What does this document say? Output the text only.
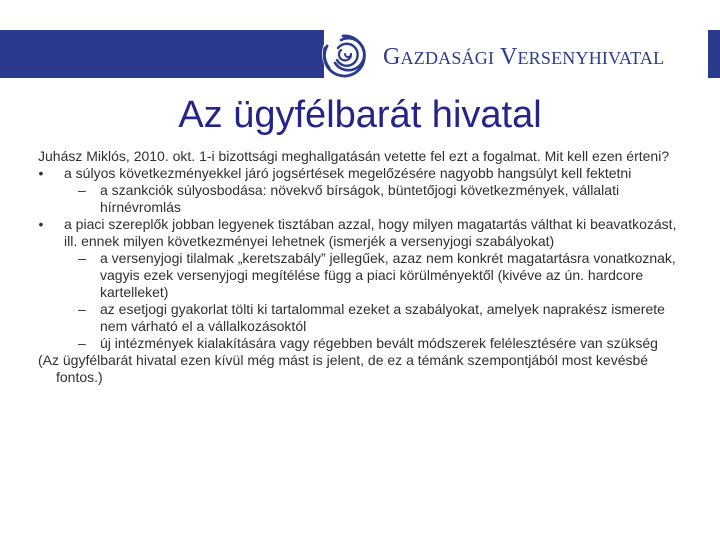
GAZDASÁGI VERSENYHIVATAL
Az ügyfélbarát hivatal

Juhász Miklós, 2010. okt. 1-i bizottsági meghallgatásán vetette fel ezt a fogalmat. Mit kell ezen érteni?

•	a súlyos következményekkel járó jogsértések megelőzésére nagyobb hangsúlyt kell fektetni

– a szankciók súlyosbodása: növekvő bírságok, büntetőjogi következmények, vállalati hírnévromlás

•	a piaci szereplők jobban legyenek tisztában azzal, hogy milyen magatartás válthat ki beavatkozást, ill. ennek milyen következményei lehetnek (ismerjék a versenyjogi szabályokat)

– a versenyjogi tilalmak „keretszabály” jellegűek, azaz nem konkrét magatartásra vonatkoznak, vagyis ezek versenyjogi megítélése függ a piaci körülményektől (kivéve az ún. hardcore kartelleket)

– az esetjogi gyakorlat tölti ki tartalommal ezeket a szabályokat, amelyek naprakész ismerete nem várható el a vállalkozásoktól

– új intézmények kialakítására vagy régebben bevált módszerek felélesztésére van szükség

(Az ügyfélbarát hivatal ezen kívül még mást is jelent, de ez a témánk szempontjából most kevésbé fontos.)
